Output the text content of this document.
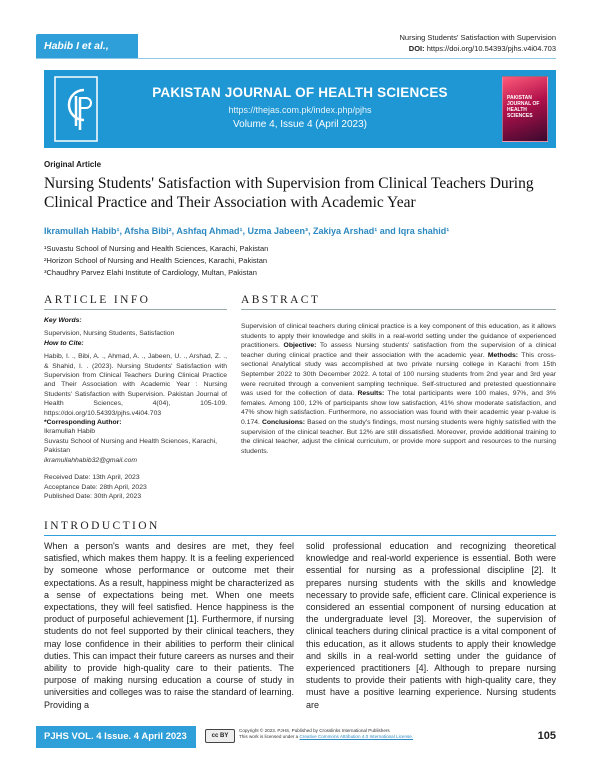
Habib I et al.,
Nursing Students' Satisfaction with Supervision
DOI: https://doi.org/10.54393/pjhs.v4i04.703
PAKISTAN JOURNAL OF HEALTH SCIENCES
https://thejas.com.pk/index.php/pjhs
Volume 4, Issue 4 (April 2023)
PAKISTAN JOURNAL OF HEALTH SCIENCES
Original Article
Nursing Students' Satisfaction with Supervision from Clinical Teachers During Clinical Practice and Their Association with Academic Year
Ikramullah Habib¹, Afsha Bibi², Ashfaq Ahmad¹, Uzma Jabeen³, Zakiya Arshad¹ and Iqra shahid¹
¹Suvastu School of Nursing and Health Sciences, Karachi, Pakistan
²Horizon School of Nursing and Health Sciences, Karachi, Pakistan
³Chaudhry Parvez Elahi Institute of Cardiology, Multan, Pakistan
ARTICLE INFO	ABSTRACT
Key Words:
Supervision, Nursing Students, Satisfaction
How to Cite:
Habib, I. ., Bibi, A. ., Ahmad, A. ., Jabeen, U. ., Arshad, Z. ., & Shahid, I. . (2023). Nursing Students' Satisfaction with Supervision from Clinical Teachers During Clinical Practice and Their Association with Academic Year : Nursing Students' Satisfaction with Supervision. Pakistan Journal of Health Sciences, 4(04), 105-109. https://doi.org/10.54393/pjhs.v4i04.703
*Corresponding Author:
Ikramullah Habib
Suvastu School of Nursing and Health Sciences, Karachi, Pakistan
ikramullahhabib32@gmail.com
Received Date: 13th April, 2023
Acceptance Date: 28th April, 2023
Published Date: 30th April, 2023
Supervision of clinical teachers during clinical practice is a key component of this education, as it allows students to apply their knowledge and skills in a real-world setting under the guidance of experienced practitioners. Objective: To assess Nursing students' satisfaction from the supervision of a clinical teacher during clinical practice and their association with the academic year. Methods: This cross-sectional Analytical study was accomplished at two private nursing college in Karachi from 15th September 2022 to 30th December 2022. A total of 100 nursing students from 2nd year and 3rd year were recruited through a convenient sampling technique. Self-structured and pretested questionnaire was used for the collection of data. Results: The total participants were 100 males, 97%, and 3% females. Among 100, 12% of participants show low satisfaction, 41% show moderate satisfaction, and 47% show high satisfaction. Furthermore, no association was found with their academic year p-value is 0.174. Conclusions: Based on the study's findings, most nursing students were highly satisfied with the supervision of the clinical teacher. But 12% are still dissatisfied. Moreover, provide additional training to the clinical teacher, adjust the clinical curriculum, or provide more support and resources to the nursing students.
INTRODUCTION
When a person's wants and desires are met, they feel satisfied, which makes them happy. It is a feeling experienced by someone whose performance or outcome met their expectations. As a result, happiness might be characterized as a sense of expectations being met. When one meets expectations, they will feel satisfied. Hence happiness is the product of purposeful achievement [1]. Furthermore, if nursing students do not feel supported by their clinical teachers, they may lose confidence in their abilities to perform their clinical duties. This can impact their future careers as nurses and their ability to provide high-quality care to their patients. The purpose of making nursing education a course of study in universities and colleges was to raise the standard of learning. Providing a
solid professional education and recognizing theoretical knowledge and real-world experience is essential. Both were essential for nursing as a professional discipline [2]. It prepares nursing students with the skills and knowledge necessary to provide safe, efficient care. Clinical experience is considered an essential component of nursing education at the undergraduate level [3]. Moreover, the supervision of clinical teachers during clinical practice is a vital component of this education, as it allows students to apply their knowledge and skills in a real-world setting under the guidance of experienced practitioners [4]. Although to prepare nursing students to provide their patients with high-quality care, they must have a positive learning experience. Nursing students are
PJHS VOL. 4 Issue. 4 April 2023	cc BY
Copyright © 2023. PJHS, Published by Crosslinks International Publishers
This work is licensed under a Creative Commons Attribution 4.0 International License.	105
